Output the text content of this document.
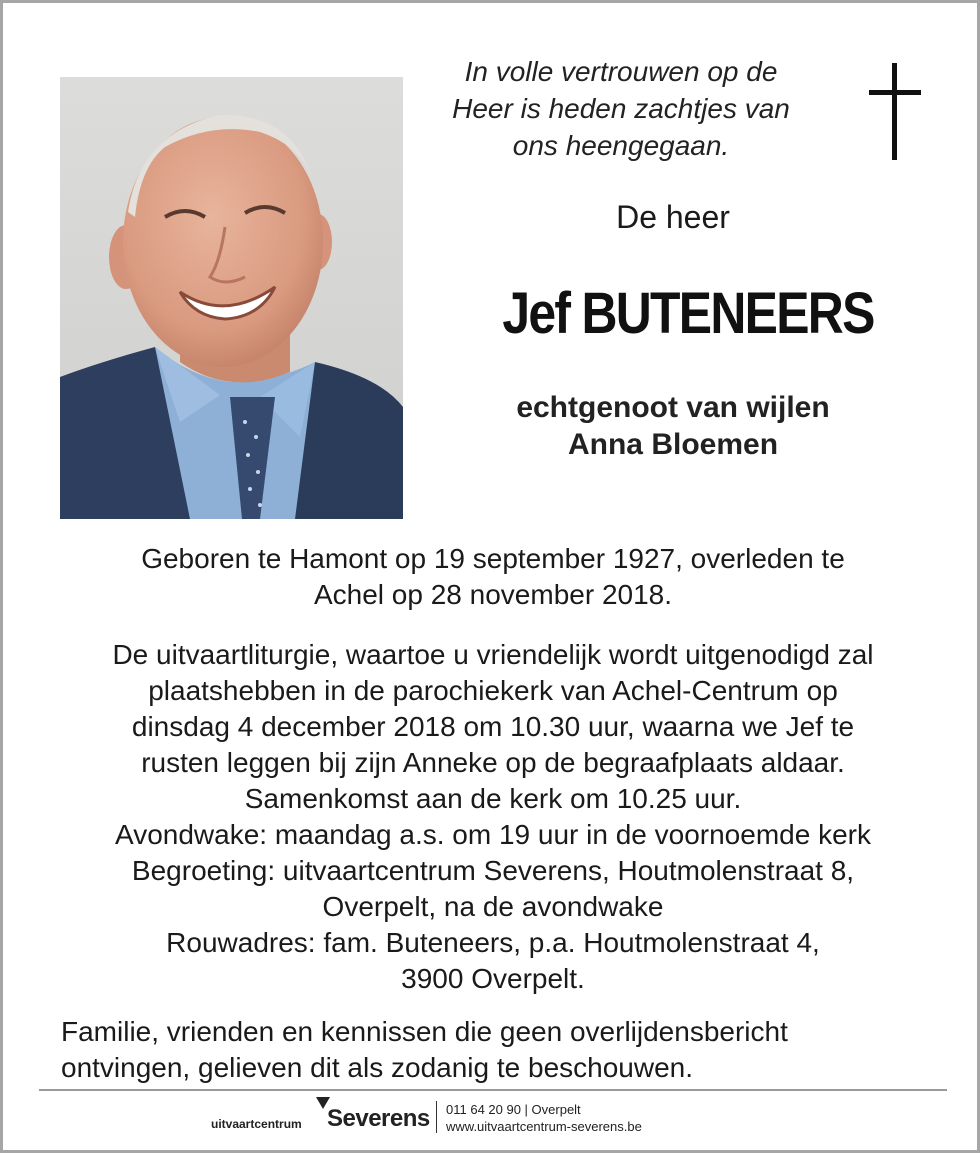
In volle vertrouwen op de
Heer is heden zachtjes van
ons heengegaan.
De heer
Jef BUTENEERS
echtgenoot van wijlen
Anna Bloemen
Geboren te Hamont op 19 september 1927, overleden te
Achel op 28 november 2018.
De uitvaartliturgie, waartoe u vriendelijk wordt uitgenodigd zal
plaatshebben in de parochiekerk van Achel-Centrum op
dinsdag 4 december 2018 om 10.30 uur, waarna we Jef te
rusten leggen bij zijn Anneke op de begraafplaats aldaar.
Samenkomst aan de kerk om 10.25 uur.
Avondwake: maandag a.s. om 19 uur in de voornoemde kerk
Begroeting: uitvaartcentrum Severens, Houtmolenstraat 8,
Overpelt, na de avondwake
Rouwadres: fam. Buteneers, p.a. Houtmolenstraat 4,
3900 Overpelt.
Familie, vrienden en kennissen die geen overlijdensbericht
ontvingen, gelieven dit als zodanig te beschouwen.
uitvaartcentrum Severens 011 64 20 90 | Overpelt
www.uitvaartcentrum-severens.be
